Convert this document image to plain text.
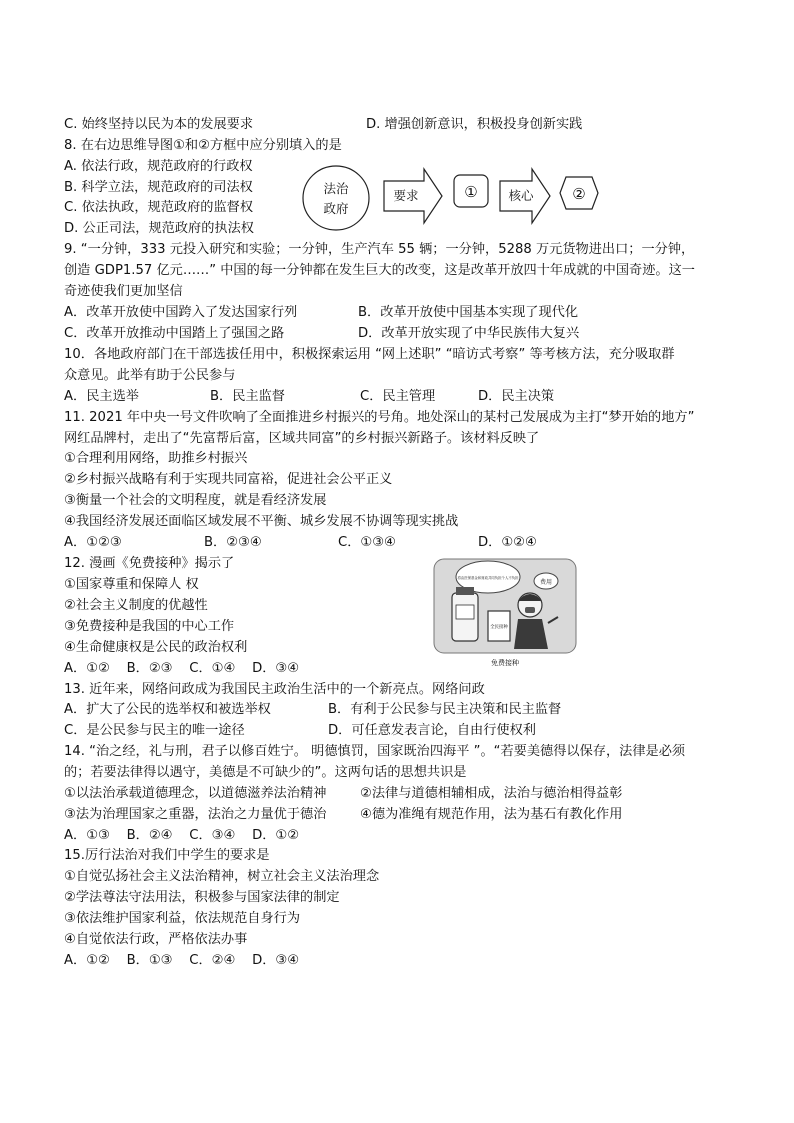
C. 始终坚持以民为本的发展要求	D. 增强创新意识，积极投身创新实践
8. 在右边思维导图①和②方框中应分别填入的是
A. 依法行政，规范政府的行政权
B. 科学立法，规范政府的司法权
C. 依法执政，规范政府的监督权
D. 公正司法，规范政府的执法权
法治
政府
要求	① 核心	②
9. “一分钟，333 元投入研究和实验；一分钟，生产汽车 55 辆；一分钟，5288 万元货物进出口；一分钟，
创造 GDP1.57 亿元……” 中国的每一分钟都在发生巨大的改变，这是改革开放四十年成就的中国奇迹。这一
奇迹使我们更加坚信
A．改革开放使中国跨入了发达国家行列	B．改革开放使中国基本实现了现代化
C．改革开放推动中国踏上了强国之路	D．改革开放实现了中华民族伟大复兴
10．各地政府部门在干部选拔任用中，积极探索运用 “网上述职” “暗访式考察” 等考核方法，充分吸取群
众意见。此举有助于公民参与
A．民主选举	B．民主监督	C．民主管理	D．民主决策
11. 2021 年中央一号文件吹响了全面推进乡村振兴的号角。地处深山的某村己发展成为主打“梦开始的地方”
网红品牌村，走出了“先富帮后富，区域共同富”的乡村振兴新路子。该材料反映了
①合理利用网络，助推乡村振兴
②乡村振兴战略有利于实现共同富裕，促进社会公平正义
③衡量一个社会的文明程度，就是看经济发展
④我国经济发展还面临区域发展不平衡、城乡发展不协调等现实挑战
A．①②③	B．②③④	C．①③④	D．①②④
12. 漫画《免费接种》揭示了
①国家尊重和保障人 权
②社会主义制度的优越性
③免费接种是我国的中心工作
④生命健康权是公民的政治权利
A．①②    B．②③    C．①④    D．③④
将由医保基金和财政共同负担个人不负担
费用
全民接种
免费接种
13. 近年来，网络问政成为我国民主政治生活中的一个新亮点。网络问政
A．扩大了公民的选举权和被选举权	B．有利于公民参与民主决策和民主监督
C．是公民参与民主的唯一途径	D．可任意发表言论，自由行使权利
14. “治之经，礼与刑，君子以修百姓宁。 明德慎罚，国家既治四海平 ”。“若要美德得以保存，法律是必须
的；若要法律得以遇守，美德是不可缺少的”。这两句话的思想共识是
①以法治承载道德理念，以道德滋养法治精神	②法律与道德相辅相成，法治与德治相得益彰
③法为治理国家之重器，法治之力量优于德治	④德为准绳有规范作用，法为基石有教化作用
A．①③    B．②④    C．③④    D．①②
15.厉行法治对我们中学生的要求是
①自觉弘扬社会主义法治精神，树立社会主义法治理念
②学法尊法守法用法，积极参与国家法律的制定
③依法维护国家利益，依法规范自身行为
④自觉依法行政，严格依法办事
A．①②    B．①③    C．②④    D．③④
